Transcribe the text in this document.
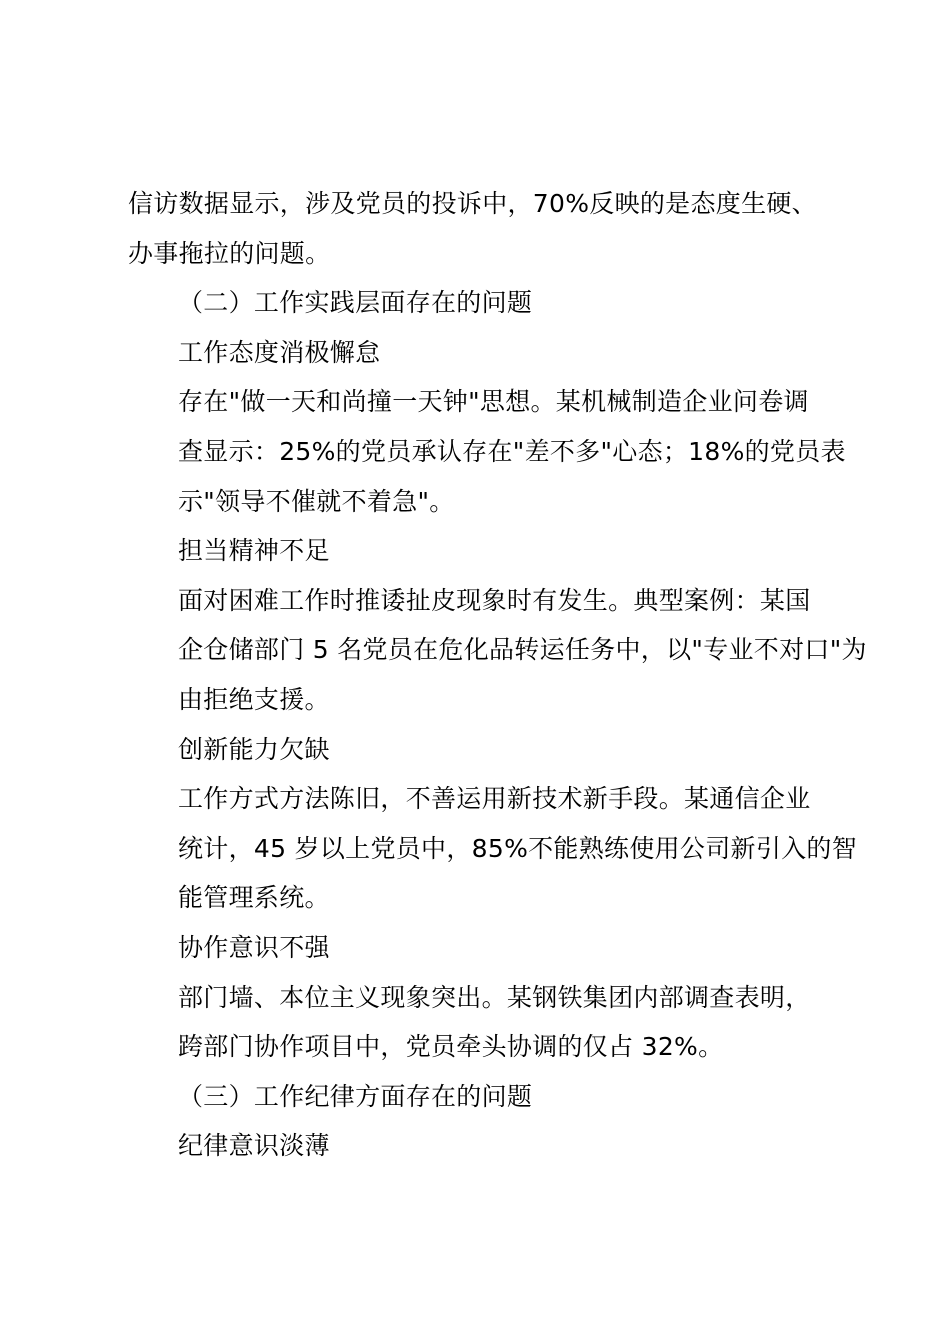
信访数据显示，涉及党员的投诉中，70%反映的是态度生硬、
办事拖拉的问题。

（二）工作实践层面存在的问题

工作态度消极懈怠

存在"做一天和尚撞一天钟"思想。某机械制造企业问卷调
查显示：25%的党员承认存在"差不多"心态；18%的党员表
示"领导不催就不着急"。

担当精神不足

面对困难工作时推诿扯皮现象时有发生。典型案例：某国
企仓储部门 5 名党员在危化品转运任务中，以"专业不对口"为
由拒绝支援。

创新能力欠缺

工作方式方法陈旧，不善运用新技术新手段。某通信企业
统计，45 岁以上党员中，85%不能熟练使用公司新引入的智
能管理系统。

协作意识不强

部门墙、本位主义现象突出。某钢铁集团内部调查表明，
跨部门协作项目中，党员牵头协调的仅占 32%。

（三）工作纪律方面存在的问题

纪律意识淡薄
